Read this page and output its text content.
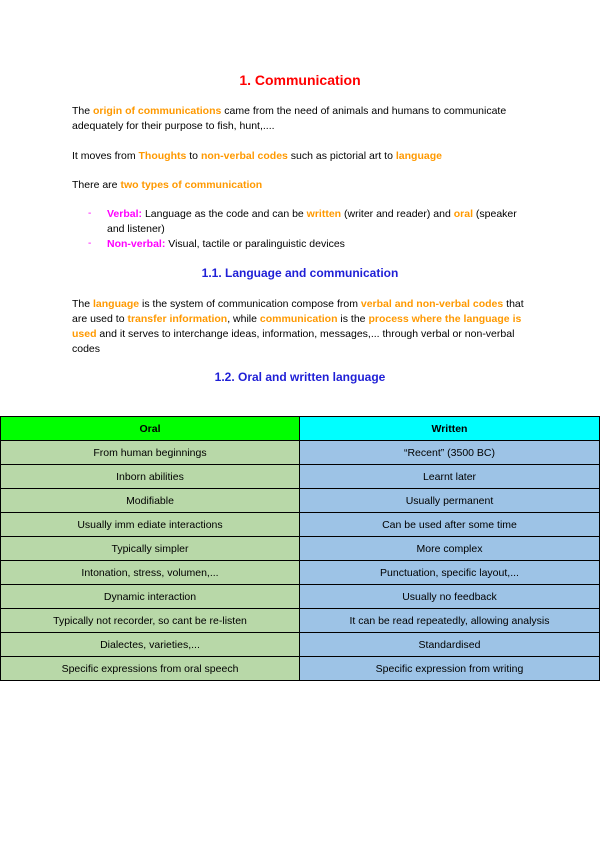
1. Communication
The origin of communications came from the need of animals and humans to communicate adequately for their purpose to fish, hunt,....
It moves from Thoughts to non-verbal codes such as pictorial art to language
There are two types of communication
- Verbal: Language as the code and can be written (writer and reader) and oral (speaker and listener)
- Non-verbal: Visual, tactile or paralinguistic devices
1.1. Language and communication
The language is the system of communication compose from verbal and non-verbal codes that are used to transfer information, while communication is the process where the language is used and it serves to interchange ideas, information, messages,... through verbal or non-verbal codes
1.2. Oral and written language
Oral	Written
From human beginnings	“Recent” (3500 BC)
Inborn abilities	Learnt later
Modifiable	Usually permanent
Usually imm ediate interactions	Can be used after some time
Typically simpler	More complex
Intonation, stress, volumen,...	Punctuation, specific layout,...
Dynamic interaction	Usually no feedback
Typically not recorder, so cant be re-listen	It can be read repeatedly, allowing analysis
Dialectes, varieties,...	Standardised
Specific expressions from oral speech	Specific expression from writing
